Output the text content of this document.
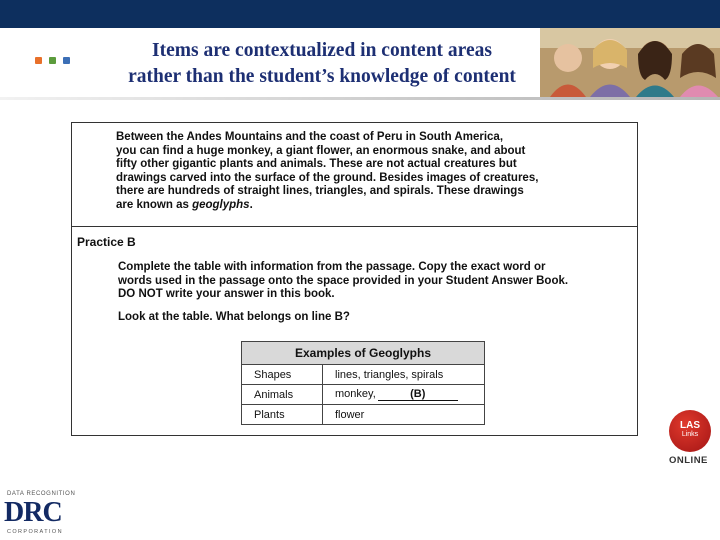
Items are contextualized in content areas
rather than the student’s knowledge of content
Between the Andes Mountains and the coast of Peru in South America,
you can find a huge monkey, a giant flower, an enormous snake, and about
fifty other gigantic plants and animals. These are not actual creatures but
drawings carved into the surface of the ground. Besides images of creatures,
there are hundreds of straight lines, triangles, and spirals. These drawings
are known as geoglyphs.
Practice B
Complete the table with information from the passage. Copy the exact word or
words used in the passage onto the space provided in your Student Answer Book.
DO NOT write your answer in this book.
Look at the table. What belongs on line B?
Examples of Geoglyphs	
Shapes	lines, triangles, spirals
Animals	monkey, (B)
Plants	flower
LAS
Links
ONLINE
DATA RECOGNITION
DRC
CORPORATION
